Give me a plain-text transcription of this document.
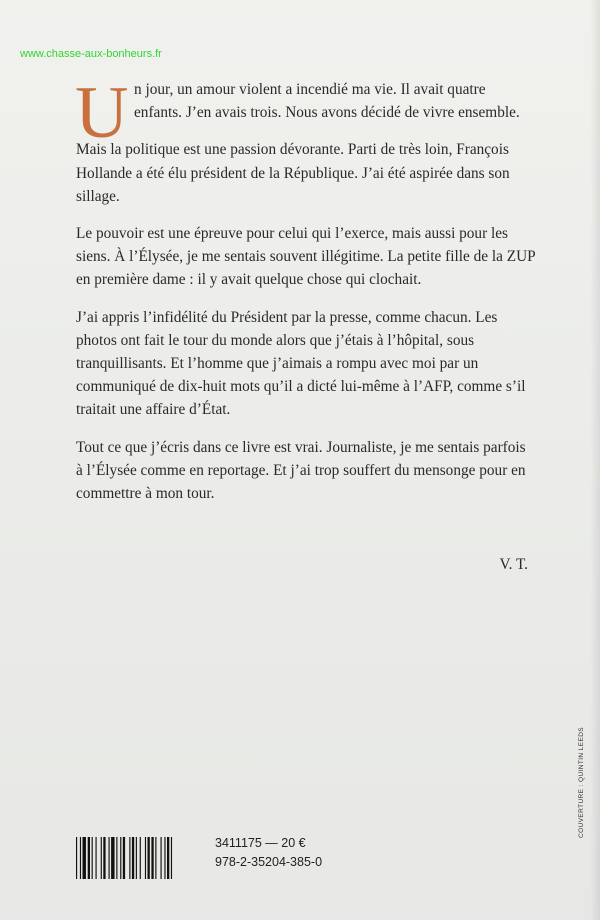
www.chasse-aux-bonheurs.fr

U n jour, un amour violent a incendié ma vie. Il avait quatre enfants. J’en avais trois. Nous avons décidé de vivre ensemble.

Mais la politique est une passion dévorante. Parti de très loin, François Hollande a été élu président de la République. J’ai été aspirée dans son sillage.

Le pouvoir est une épreuve pour celui qui l’exerce, mais aussi pour les siens. À l’Élysée, je me sentais souvent illégitime. La petite fille de la ZUP en première dame : il y avait quelque chose qui clochait.

J’ai appris l’infidélité du Président par la presse, comme chacun. Les photos ont fait le tour du monde alors que j’étais à l’hôpital, sous tranquillisants. Et l’homme que j’aimais a rompu avec moi par un communiqué de dix-huit mots qu’il a dicté lui-même à l’AFP, comme s’il traitait une affaire d’État.

Tout ce que j’écris dans ce livre est vrai. Journaliste, je me sentais parfois à l’Élysée comme en reportage. Et j’ai trop souffert du mensonge pour en commettre à mon tour.

V. T.
3411175 — 20 €
978-2-35204-385-0
COUVERTURE : QUINTIN LEEDS
